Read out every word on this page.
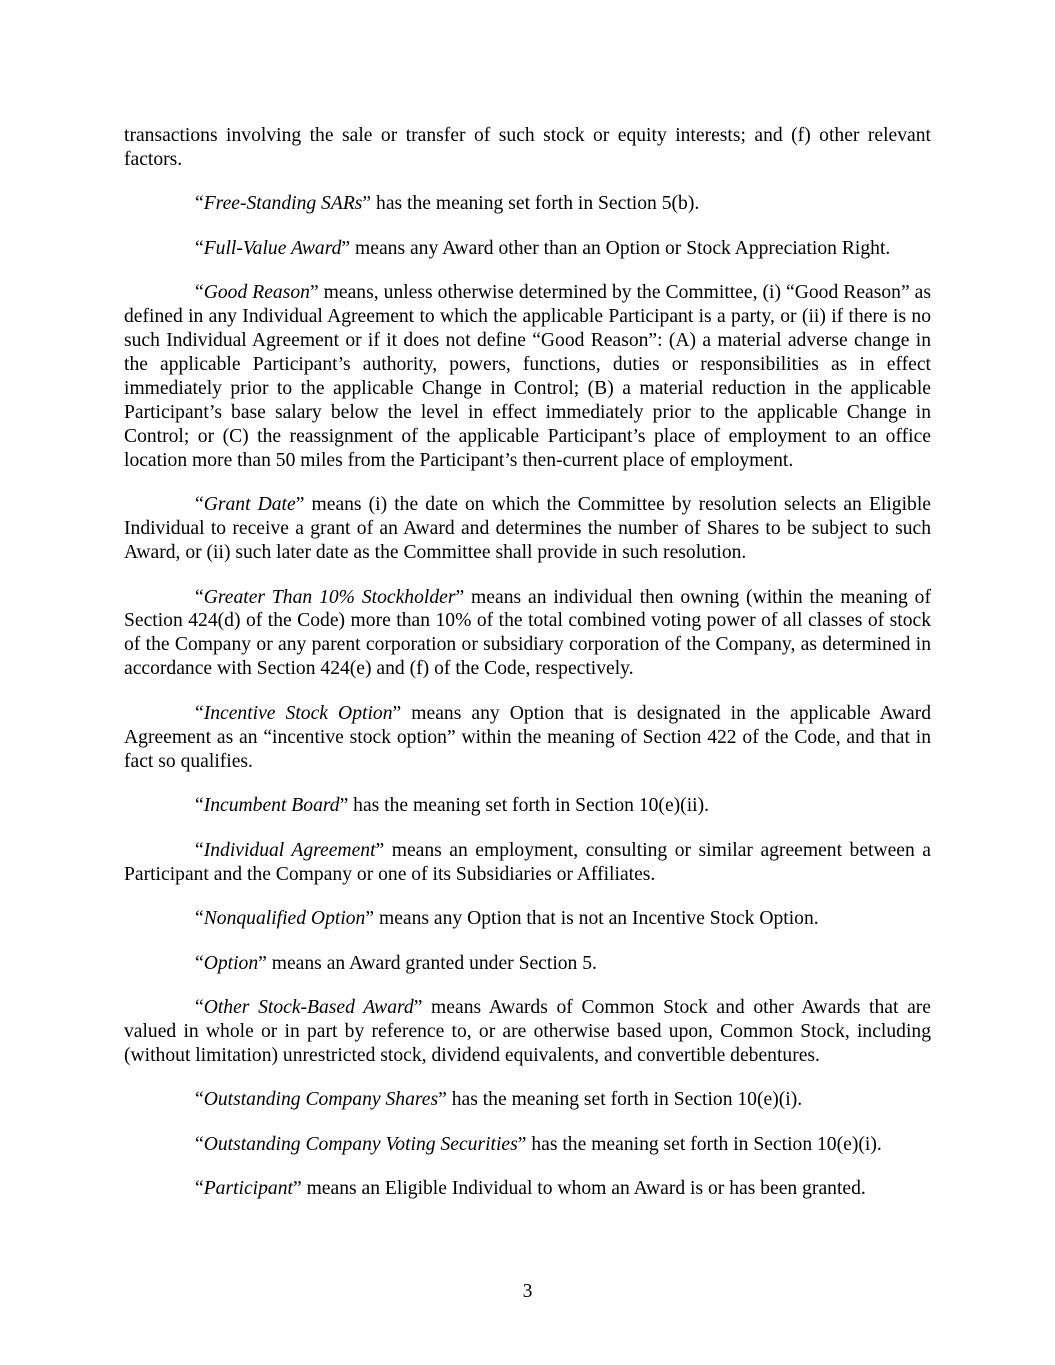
transactions involving the sale or transfer of such stock or equity interests; and (f) other relevant factors.

“Free-Standing SARs” has the meaning set forth in Section 5(b).

“Full-Value Award” means any Award other than an Option or Stock Appreciation Right.

“Good Reason” means, unless otherwise determined by the Committee, (i) “Good Reason” as defined in any Individual Agreement to which the applicable Participant is a party, or (ii) if there is no such Individual Agreement or if it does not define “Good Reason”: (A) a material adverse change in the applicable Participant’s authority, powers, functions, duties or responsibilities as in effect immediately prior to the applicable Change in Control; (B) a material reduction in the applicable Participant’s base salary below the level in effect immediately prior to the applicable Change in Control; or (C) the reassignment of the applicable Participant’s place of employment to an office location more than 50 miles from the Participant’s then-current place of employment.

“Grant Date” means (i) the date on which the Committee by resolution selects an Eligible Individual to receive a grant of an Award and determines the number of Shares to be subject to such Award, or (ii) such later date as the Committee shall provide in such resolution.

“Greater Than 10% Stockholder” means an individual then owning (within the meaning of Section 424(d) of the Code) more than 10% of the total combined voting power of all classes of stock of the Company or any parent corporation or subsidiary corporation of the Company, as determined in accordance with Section 424(e) and (f) of the Code, respectively.

“Incentive Stock Option” means any Option that is designated in the applicable Award Agreement as an “incentive stock option” within the meaning of Section 422 of the Code, and that in fact so qualifies.

“Incumbent Board” has the meaning set forth in Section 10(e)(ii).

“Individual Agreement” means an employment, consulting or similar agreement between a Participant and the Company or one of its Subsidiaries or Affiliates.

“Nonqualified Option” means any Option that is not an Incentive Stock Option.

“Option” means an Award granted under Section 5.

“Other Stock-Based Award” means Awards of Common Stock and other Awards that are valued in whole or in part by reference to, or are otherwise based upon, Common Stock, including (without limitation) unrestricted stock, dividend equivalents, and convertible debentures.

“Outstanding Company Shares” has the meaning set forth in Section 10(e)(i).

“Outstanding Company Voting Securities” has the meaning set forth in Section 10(e)(i).

“Participant” means an Eligible Individual to whom an Award is or has been granted.

3
